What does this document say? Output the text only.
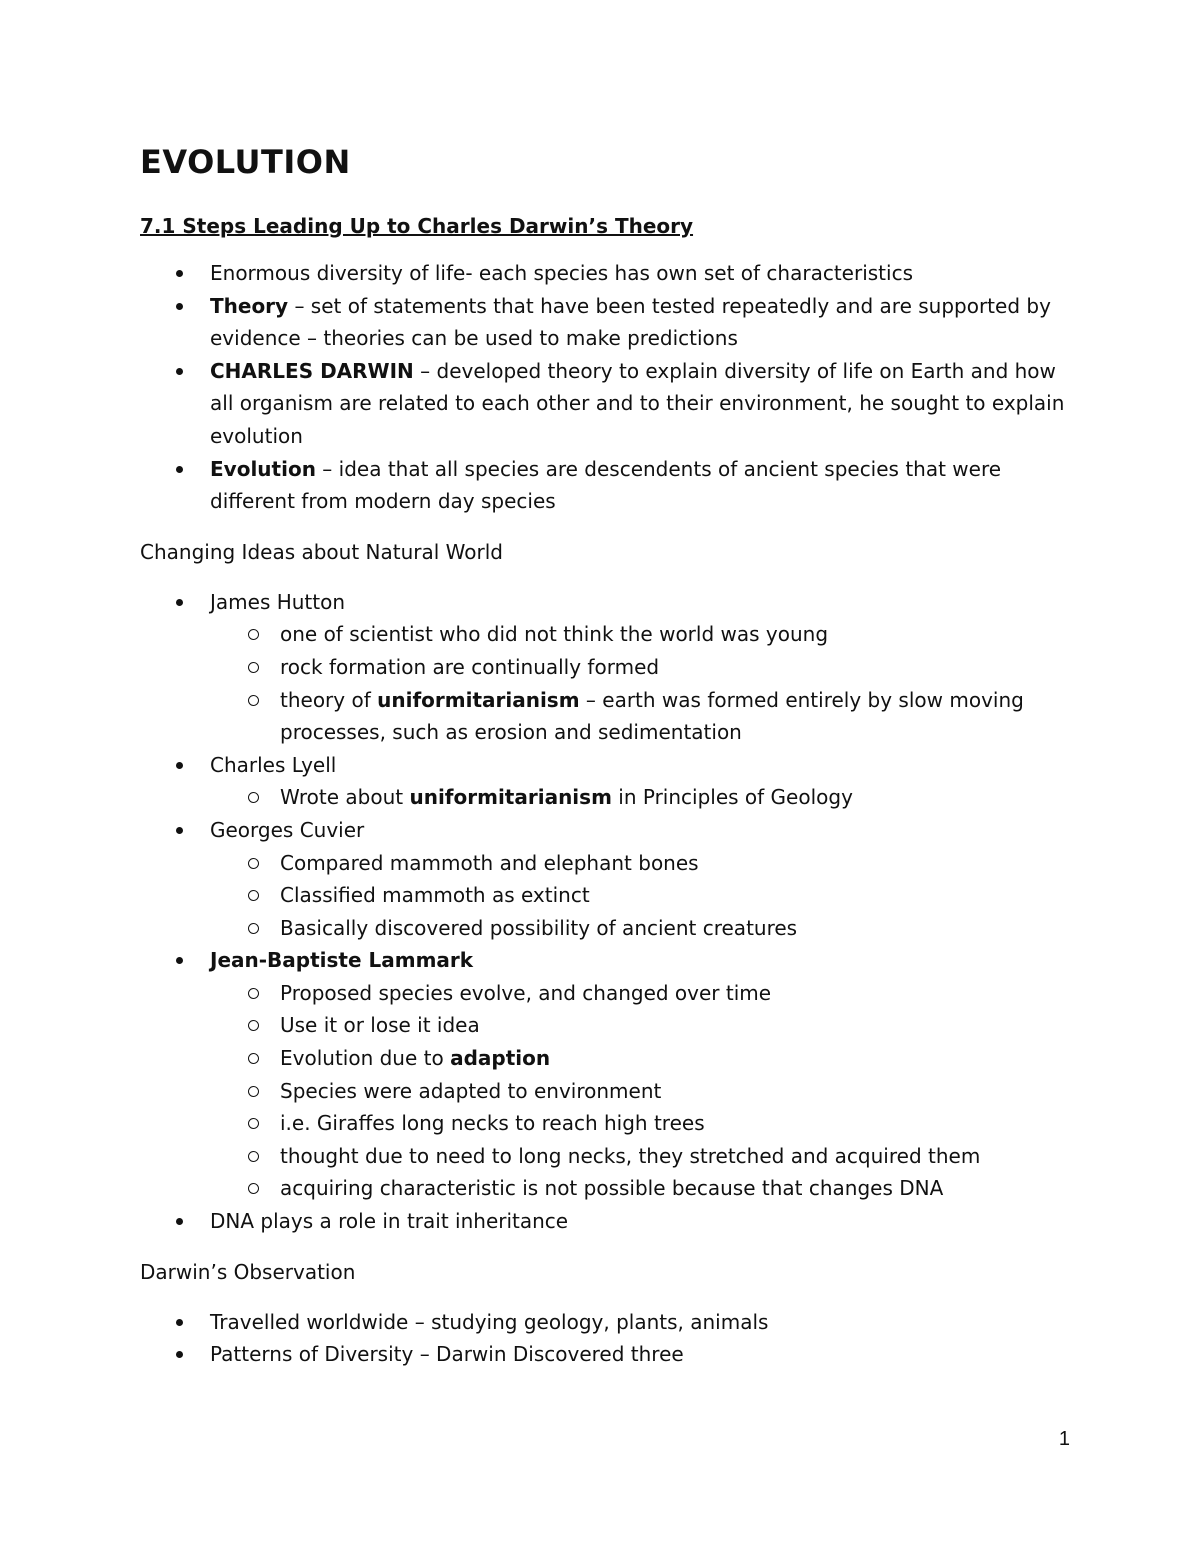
EVOLUTION
7.1 Steps Leading Up to Charles Darwin’s Theory
Enormous diversity of life- each species has own set of characteristics
Theory – set of statements that have been tested repeatedly and are supported by evidence – theories can be used to make predictions
CHARLES DARWIN – developed theory to explain diversity of life on Earth and how all organism are related to each other and to their environment, he sought to explain evolution
Evolution – idea that all species are descendents of ancient species that were different from modern day species
Changing Ideas about Natural World
James Hutton
one of scientist who did not think the world was young
rock formation are continually formed
theory of uniformitarianism – earth was formed entirely by slow moving processes, such as erosion and sedimentation
Charles Lyell
Wrote about uniformitarianism in Principles of Geology
Georges Cuvier
Compared mammoth and elephant bones
Classified mammoth as extinct
Basically discovered possibility of ancient creatures
Jean-Baptiste Lammark
Proposed species evolve, and changed over time
Use it or lose it idea
Evolution due to adaption
Species were adapted to environment
i.e. Giraffes long necks to reach high trees
thought due to need to long necks, they stretched and acquired them
acquiring characteristic is not possible because that changes DNA
DNA plays a role in trait inheritance
Darwin’s Observation
Travelled worldwide – studying geology, plants, animals
Patterns of Diversity – Darwin Discovered three
1
